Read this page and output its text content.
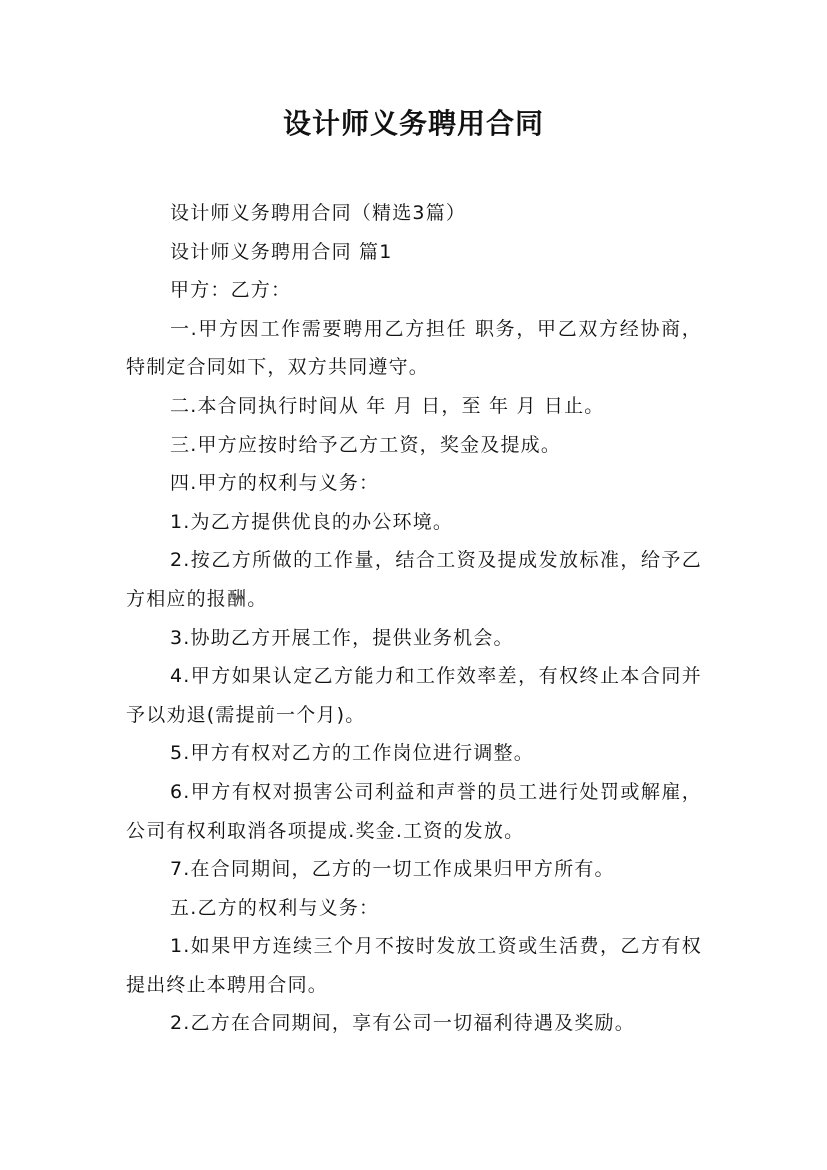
设计师义务聘用合同

设计师义务聘用合同（精选3篇）

设计师义务聘用合同 篇1

甲方：乙方：

一.甲方因工作需要聘用乙方担任 职务，甲乙双方经协商，特制定合同如下，双方共同遵守。

二.本合同执行时间从 年 月 日，至 年 月 日止。

三.甲方应按时给予乙方工资，奖金及提成。

四.甲方的权利与义务：

1.为乙方提供优良的办公环境。

2.按乙方所做的工作量，结合工资及提成发放标准，给予乙方相应的报酬。

3.协助乙方开展工作，提供业务机会。

4.甲方如果认定乙方能力和工作效率差，有权终止本合同并予以劝退(需提前一个月)。

5.甲方有权对乙方的工作岗位进行调整。

6.甲方有权对损害公司利益和声誉的员工进行处罚或解雇，公司有权利取消各项提成.奖金.工资的发放。

7.在合同期间，乙方的一切工作成果归甲方所有。

五.乙方的权利与义务：

1.如果甲方连续三个月不按时发放工资或生活费，乙方有权提出终止本聘用合同。

2.乙方在合同期间，享有公司一切福利待遇及奖励。
